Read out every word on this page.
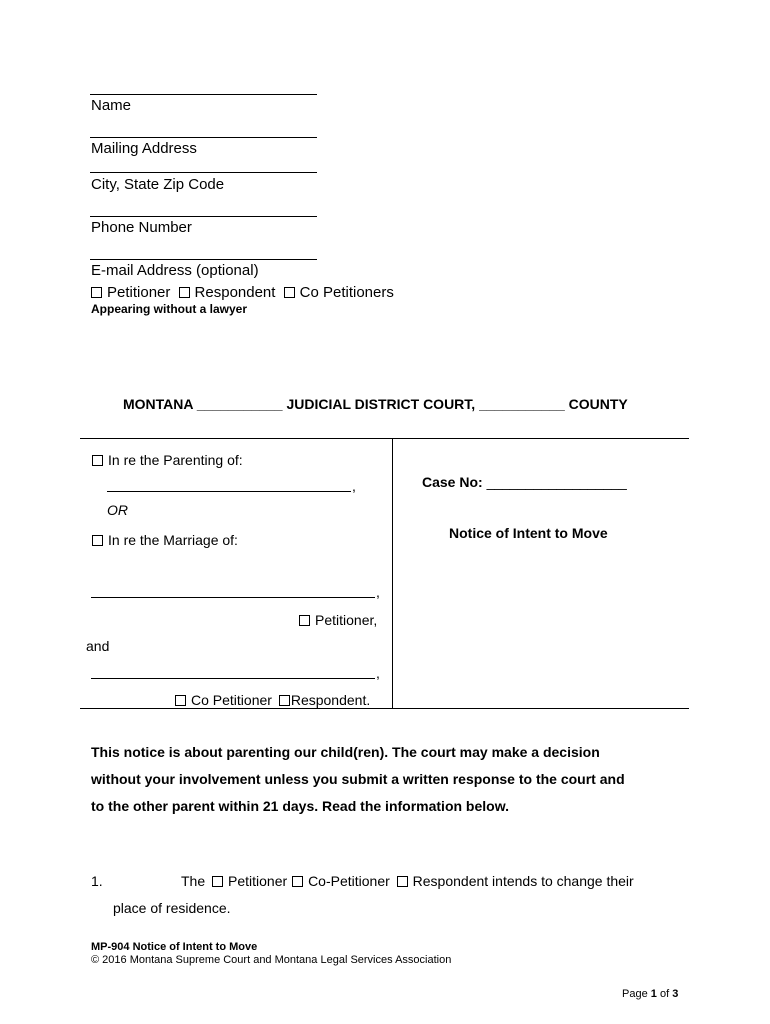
Name
Mailing Address
City, State Zip Code
Phone Number
E-mail Address (optional)
Petitioner Respondent Co Petitioners
Appearing without a lawyer
MONTANA ___________ JUDICIAL DISTRICT COURT, ___________ COUNTY
In re the Parenting of:
,
OR
In re the Marriage of:
,
Petitioner,
and
,
Co Petitioner Respondent.
Case No: __________________
Notice of Intent to Move
This notice is about parenting our child(ren). The court may make a decision
without your involvement unless you submit a written response to the court and
to the other parent within 21 days. Read the information below.
1.	The Petitioner Co-Petitioner Respondent intends to change their
place of residence.
MP-904 Notice of Intent to Move
© 2016 Montana Supreme Court and Montana Legal Services Association
Page 1 of 3
